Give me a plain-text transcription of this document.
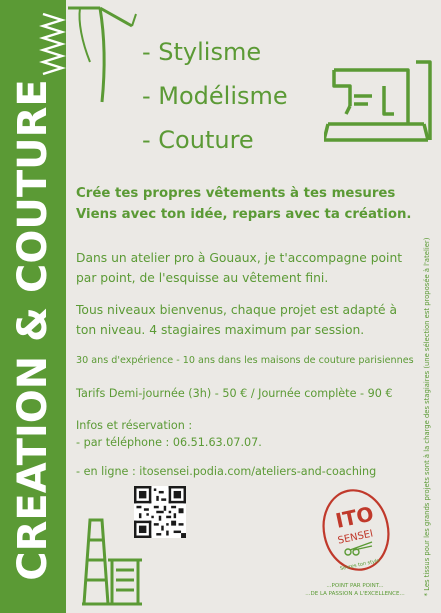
CREATION & COUTURE
- Stylisme
- Modélisme
- Couture
Crée tes propres vêtements à tes mesures
Viens avec ton idée, repars avec ta création.
Dans un atelier pro à Gouaux, je t'accompagne point par point, de l'esquisse au vêtement fini.
Tous niveaux bienvenus, chaque projet est adapté à ton niveau. 4 stagiaires maximum par session.
30 ans d'expérience - 10 ans dans les maisons de couture parisiennes
Tarifs Demi-journée (3h) - 50 € / Journée complète - 90 €
Infos et réservation :
- par téléphone : 06.51.63.07.07.
- en ligne : itosensei.podia.com/ateliers-and-coaching	* Les tissus pour les grands projets sont à la charge des stagiaires (une sélection est proposée à l'atelier)
ITO
SENSEI
Sèvres ton style
...POINT PAR POINT...
...DE LA PASSION A L'EXCELLENCE...
